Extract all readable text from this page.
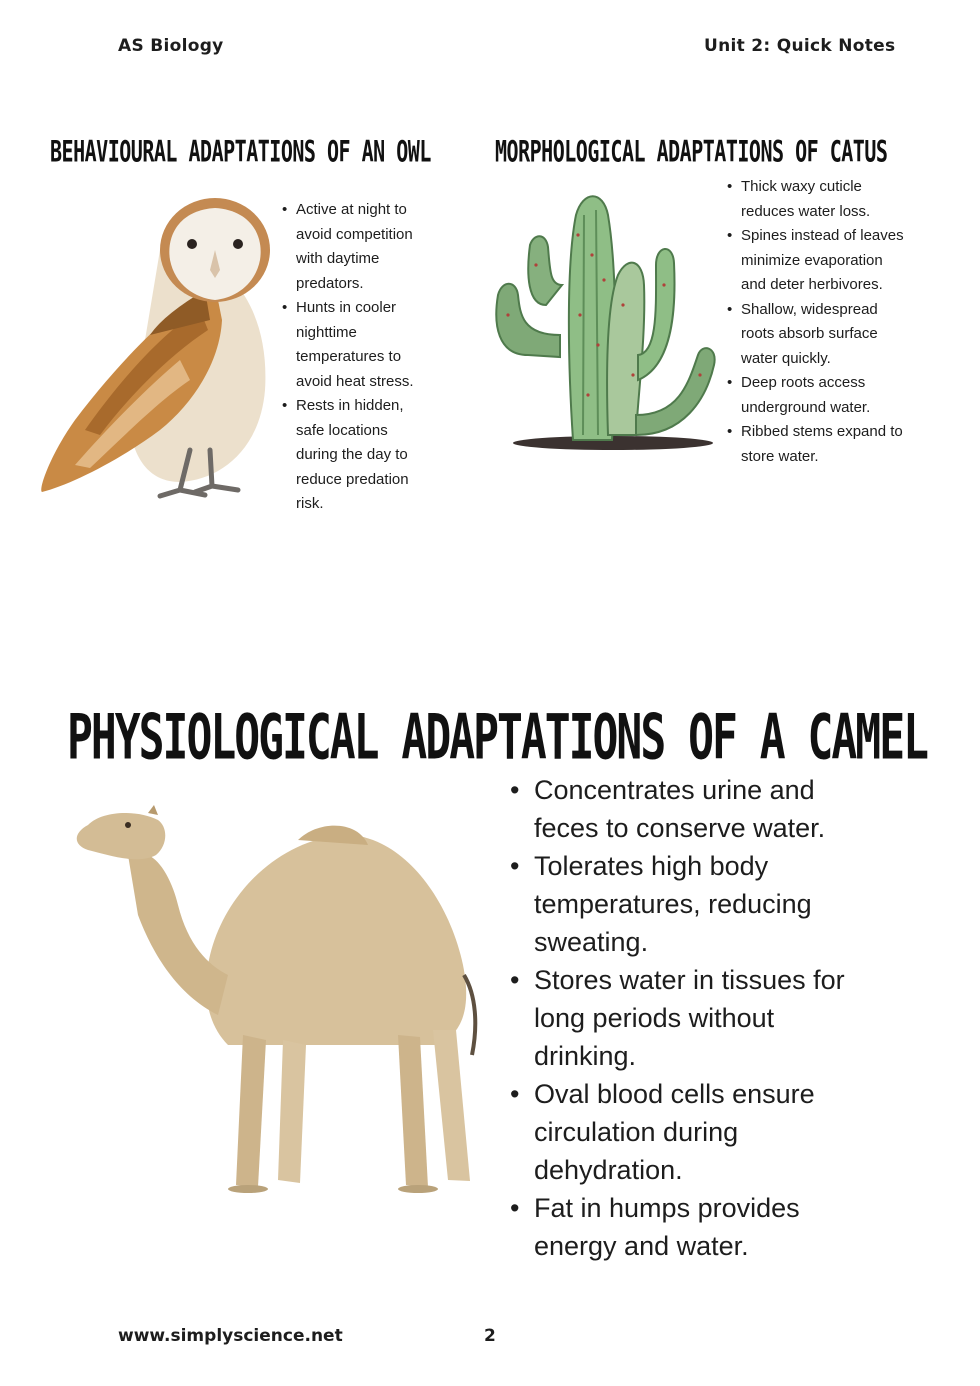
AS Biology	Unit 2: Quick Notes
BEHAVIOURAL ADAPTATIONS OF AN OWL
• Active at night to avoid competition with daytime predators.
• Hunts in cooler nighttime temperatures to avoid heat stress.
• Rests in hidden, safe locations during the day to reduce predation risk.
MORPHOLOGICAL ADAPTATIONS OF CATUS
• Thick waxy cuticle reduces water loss.
• Spines instead of leaves minimize evaporation and deter herbivores.
• Shallow, widespread roots absorb surface water quickly.
• Deep roots access underground water.
• Ribbed stems expand to store water.
PHYSIOLOGICAL ADAPTATIONS OF A CAMEL
• Concentrates urine and feces to conserve water.
• Tolerates high body temperatures, reducing sweating.
• Stores water in tissues for long periods without drinking.
• Oval blood cells ensure circulation during dehydration.
• Fat in humps provides energy and water.
www.simplyscience.net	2
